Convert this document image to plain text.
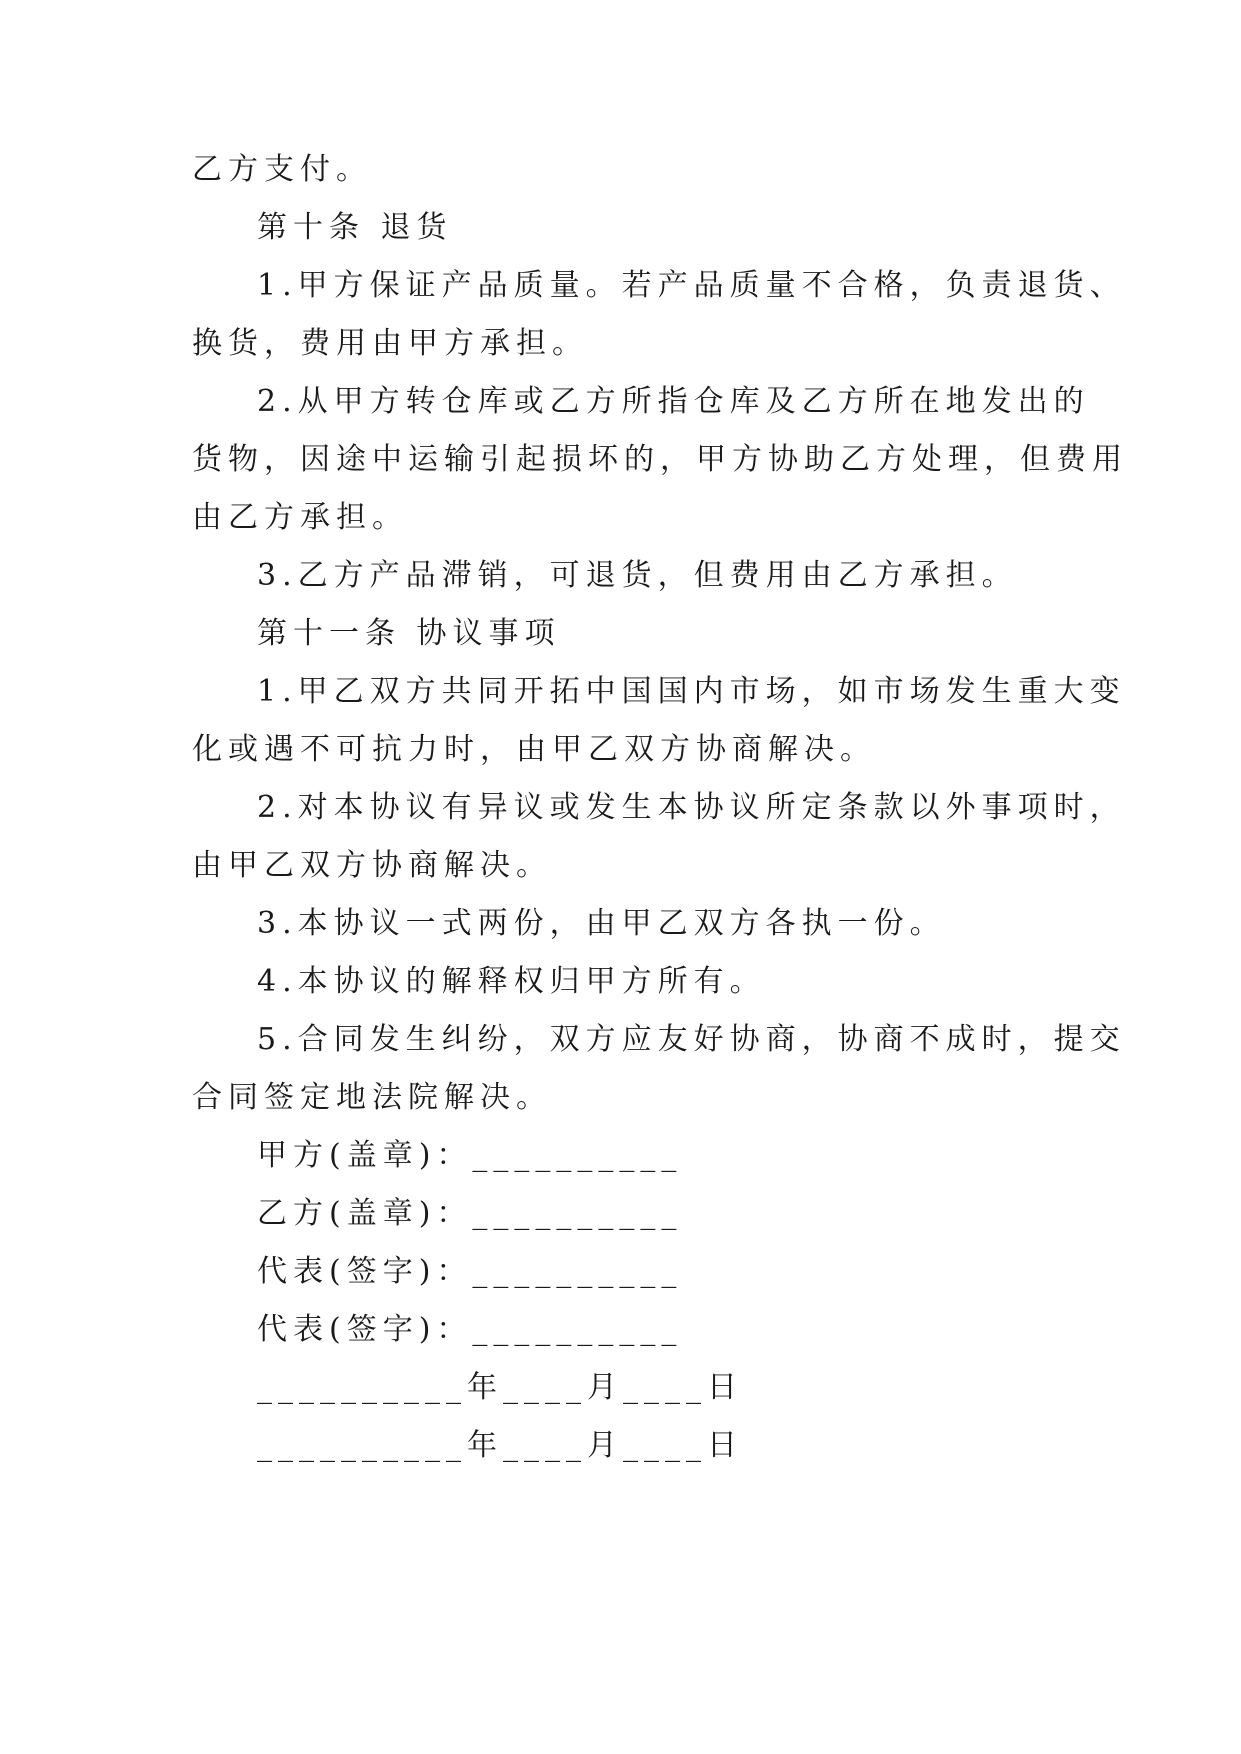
乙方支付。
第十条 退货
1.甲方保证产品质量。若产品质量不合格，负责退货、
换货，费用由甲方承担。
2.从甲方转仓库或乙方所指仓库及乙方所在地发出的
货物，因途中运输引起损坏的，甲方协助乙方处理，但费用
由乙方承担。
3.乙方产品滞销，可退货，但费用由乙方承担。
第十一条 协议事项
1.甲乙双方共同开拓中国国内市场，如市场发生重大变
化或遇不可抗力时，由甲乙双方协商解决。
2.对本协议有异议或发生本协议所定条款以外事项时，
由甲乙双方协商解决。
3.本协议一式两份，由甲乙双方各执一份。
4.本协议的解释权归甲方所有。
5.合同发生纠纷，双方应友好协商，协商不成时，提交
合同签定地法院解决。
甲方(盖章)：__________
乙方(盖章)：__________
代表(签字)：__________
代表(签字)：__________
__________年____月____日
__________年____月____日
